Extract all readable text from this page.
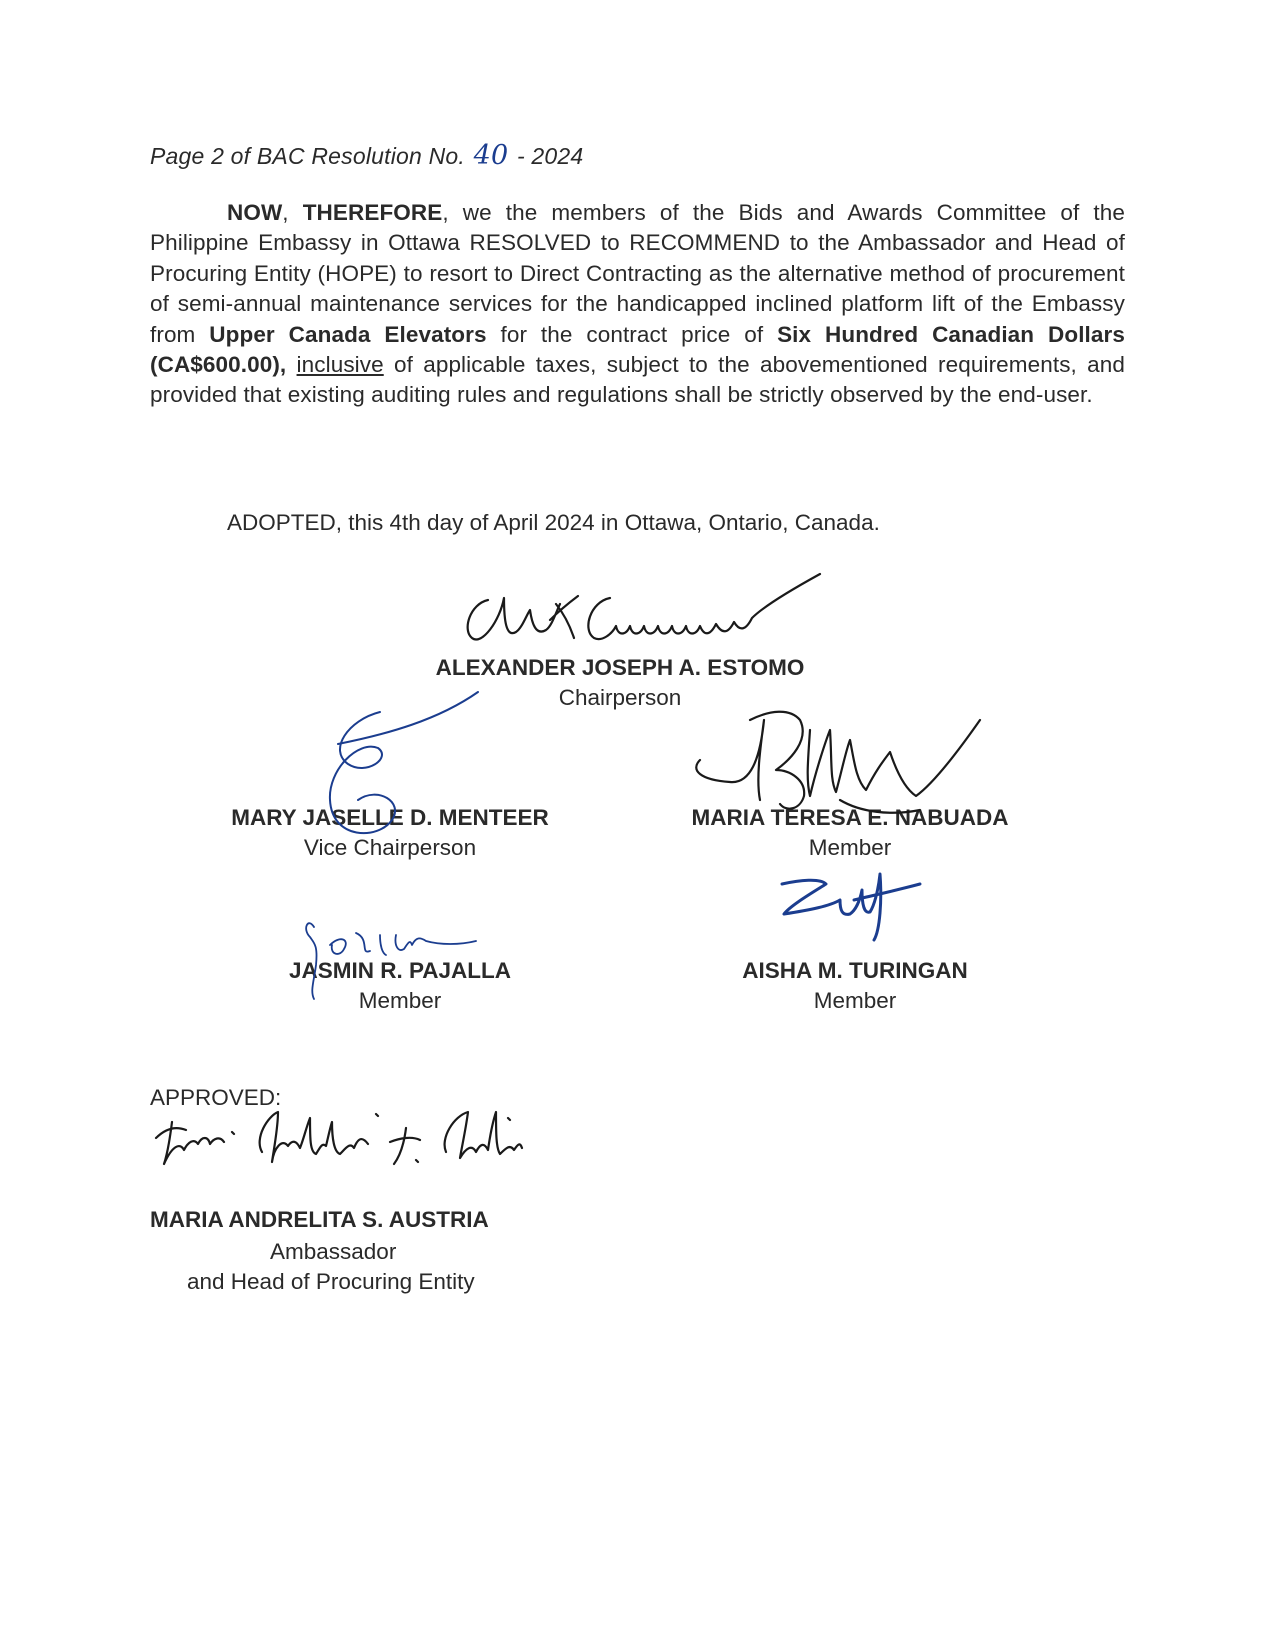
Page 2 of BAC Resolution No. 40 - 2024

NOW, THEREFORE, we the members of the Bids and Awards Committee of the Philippine Embassy in Ottawa RESOLVED to RECOMMEND to the Ambassador and Head of Procuring Entity (HOPE) to resort to Direct Contracting as the alternative method of procurement of semi-annual maintenance services for the handicapped inclined platform lift of the Embassy from Upper Canada Elevators for the contract price of Six Hundred Canadian Dollars (CA$600.00), inclusive of applicable taxes, subject to the abovementioned requirements, and provided that existing auditing rules and regulations shall be strictly observed by the end-user.

ADOPTED, this 4th day of April 2024 in Ottawa, Ontario, Canada.
ALEXANDER JOSEPH A. ESTOMO
Chairperson
MARY JASELLE D. MENTEER
Vice Chairperson
MARIA TERESA E. NABUADA
Member
JASMIN R. PAJALLA
Member
AISHA M. TURINGAN
Member
APPROVED:
MARIA ANDRELITA S. AUSTRIA
Ambassador
and Head of Procuring Entity
